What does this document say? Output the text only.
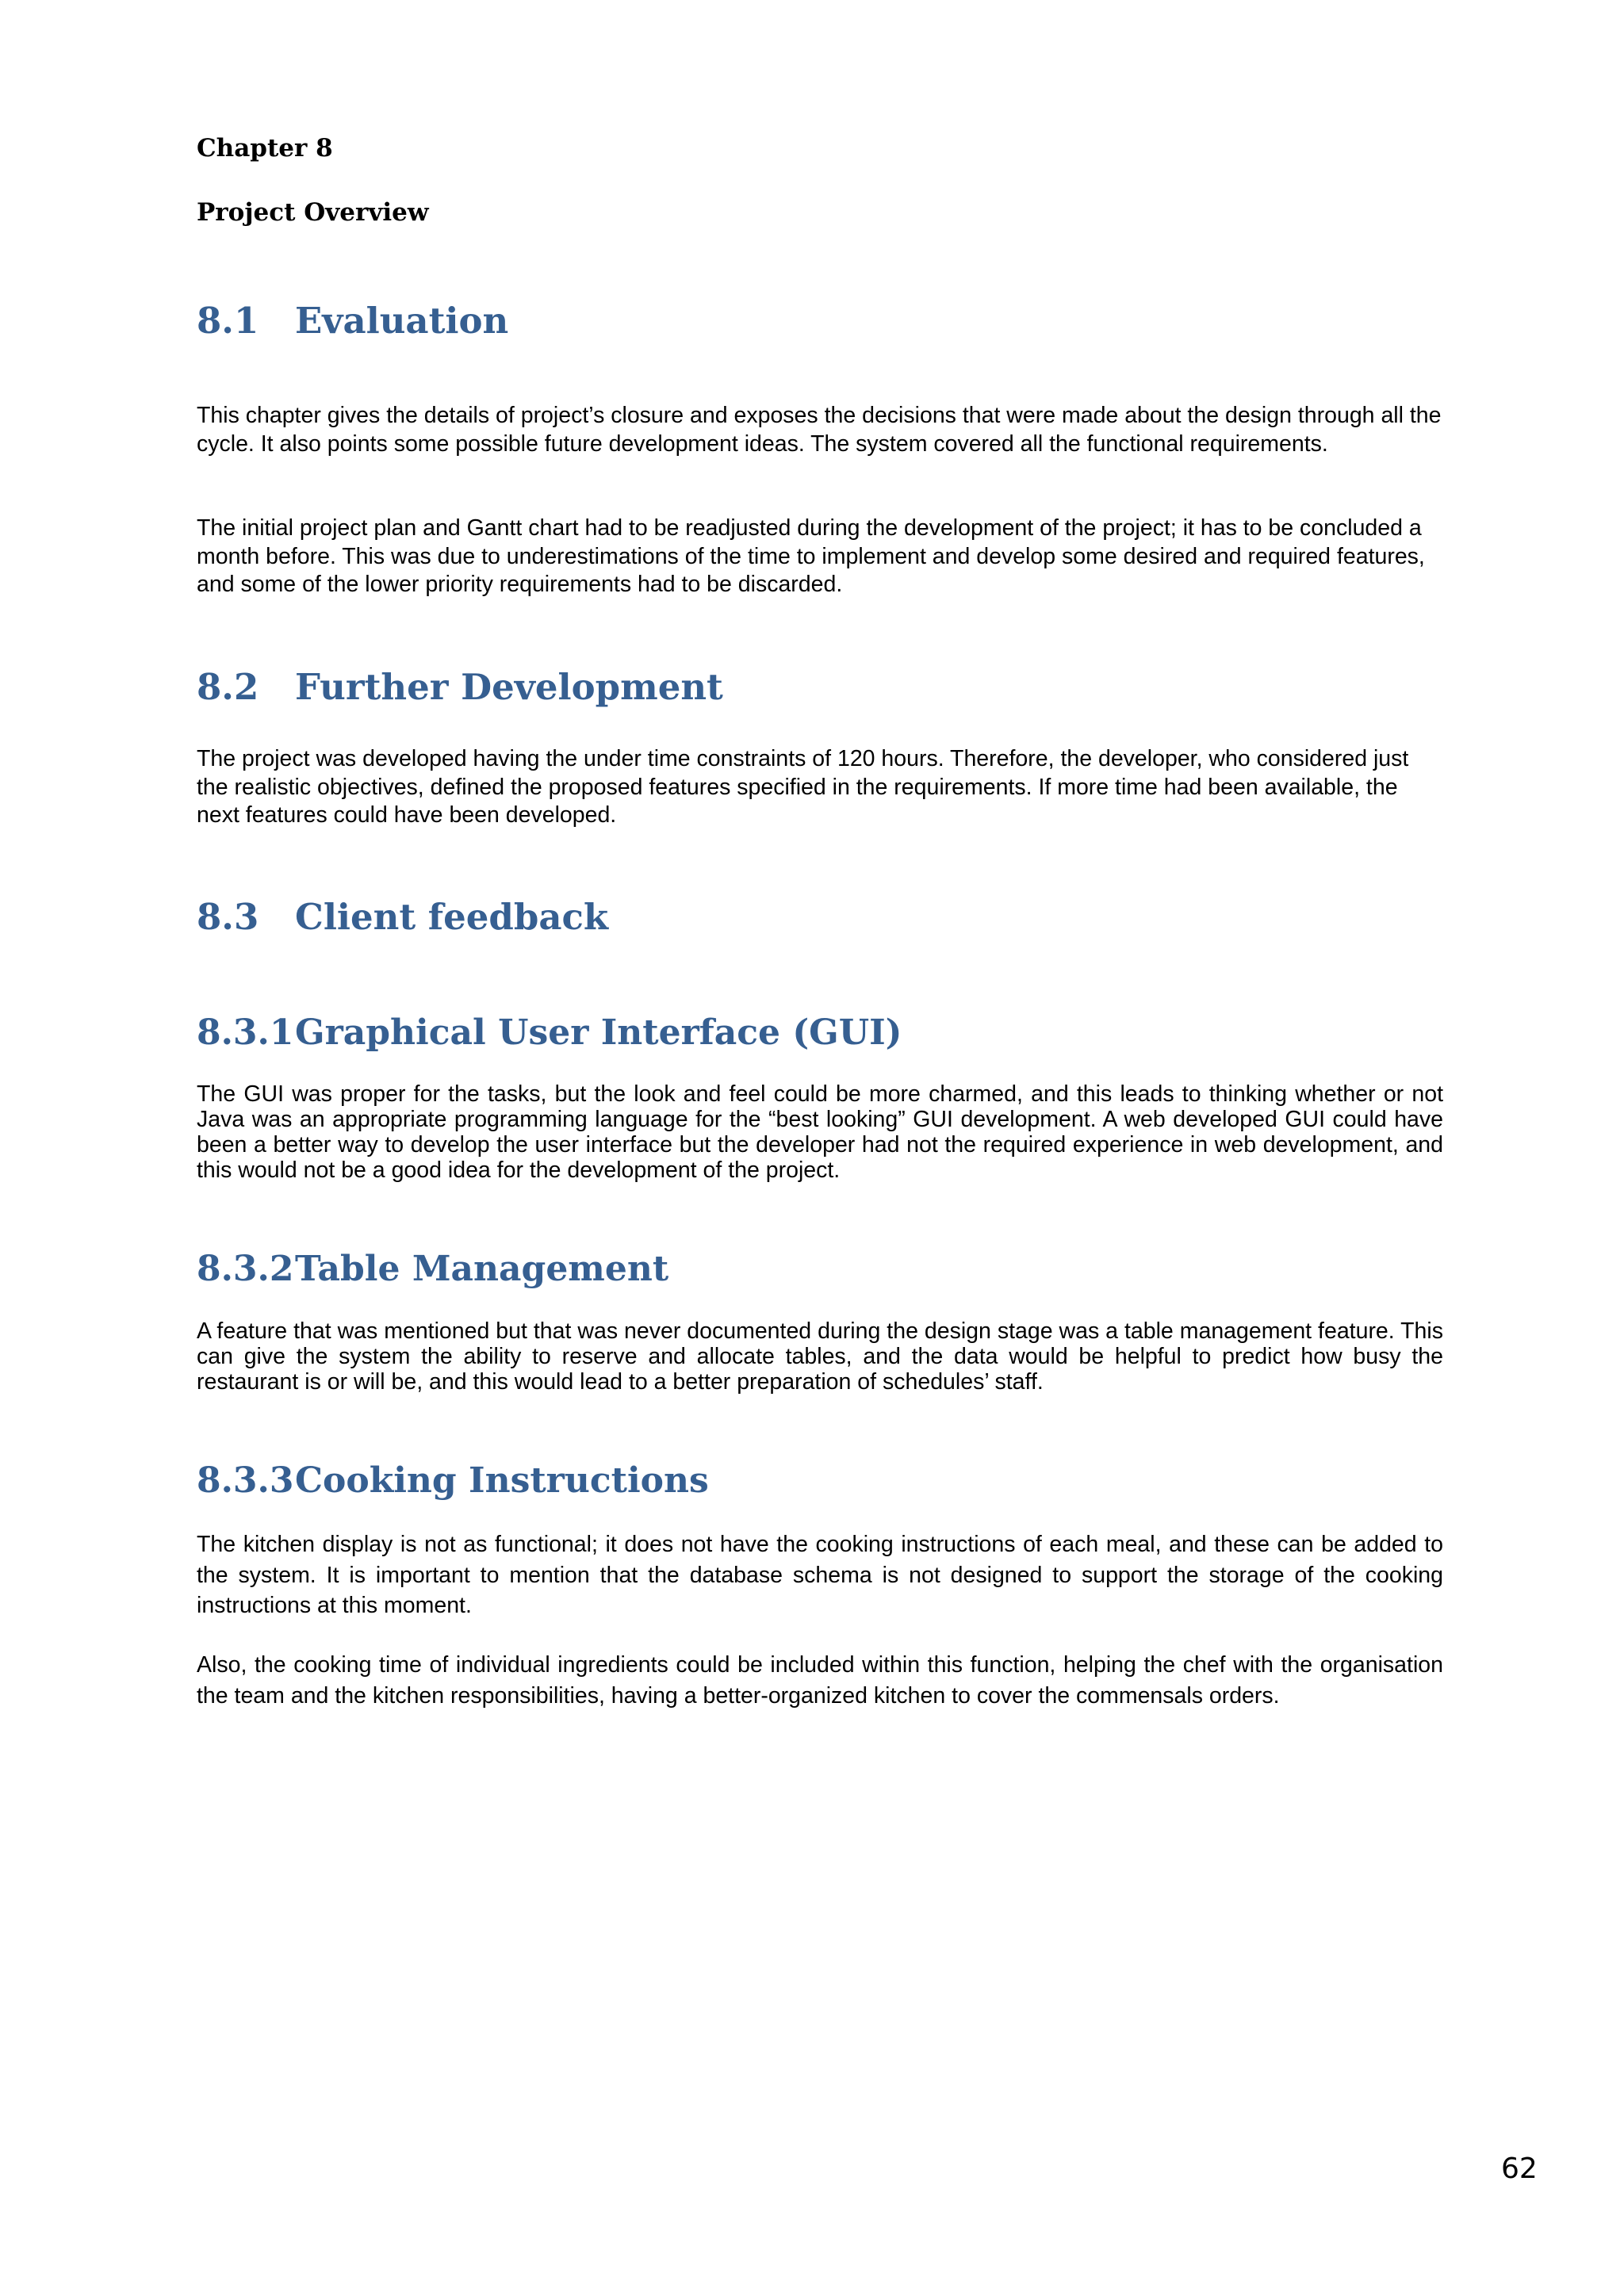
Chapter 8

Project Overview

8.1 Evaluation

This chapter gives the details of project’s closure and exposes the decisions that were made about the design through all the cycle. It also points some possible future development ideas. The system covered all the functional requirements.

The initial project plan and Gantt chart had to be readjusted during the development of the project; it has to be concluded a month before. This was due to underestimations of the time to implement and develop some desired and required features, and some of the lower priority requirements had to be discarded.

8.2 Further Development

The project was developed having the under time constraints of 120 hours. Therefore, the developer, who considered just the realistic objectives, defined the proposed features specified in the requirements. If more time had been available, the next features could have been developed.

8.3 Client feedback
8.3.1Graphical User Interface (GUI)

The GUI was proper for the tasks, but the look and feel could be more charmed, and this leads to thinking whether or not Java was an appropriate programming language for the “best looking” GUI development. A web developed GUI could have been a better way to develop the user interface but the developer had not the required experience in web development, and this would not be a good idea for the development of the project.

8.3.2Table Management

A feature that was mentioned but that was never documented during the design stage was a table management feature. This can give the system the ability to reserve and allocate tables, and the data would be helpful to predict how busy the restaurant is or will be, and this would lead to a better preparation of schedules’ staff.

8.3.3Cooking Instructions

The kitchen display is not as functional; it does not have the cooking instructions of each meal, and these can be added to the system. It is important to mention that the database schema is not designed to support the storage of the cooking instructions at this moment.

Also, the cooking time of individual ingredients could be included within this function, helping the chef with the organisation the team and the kitchen responsibilities, having a better-organized kitchen to cover the commensals orders.

62
